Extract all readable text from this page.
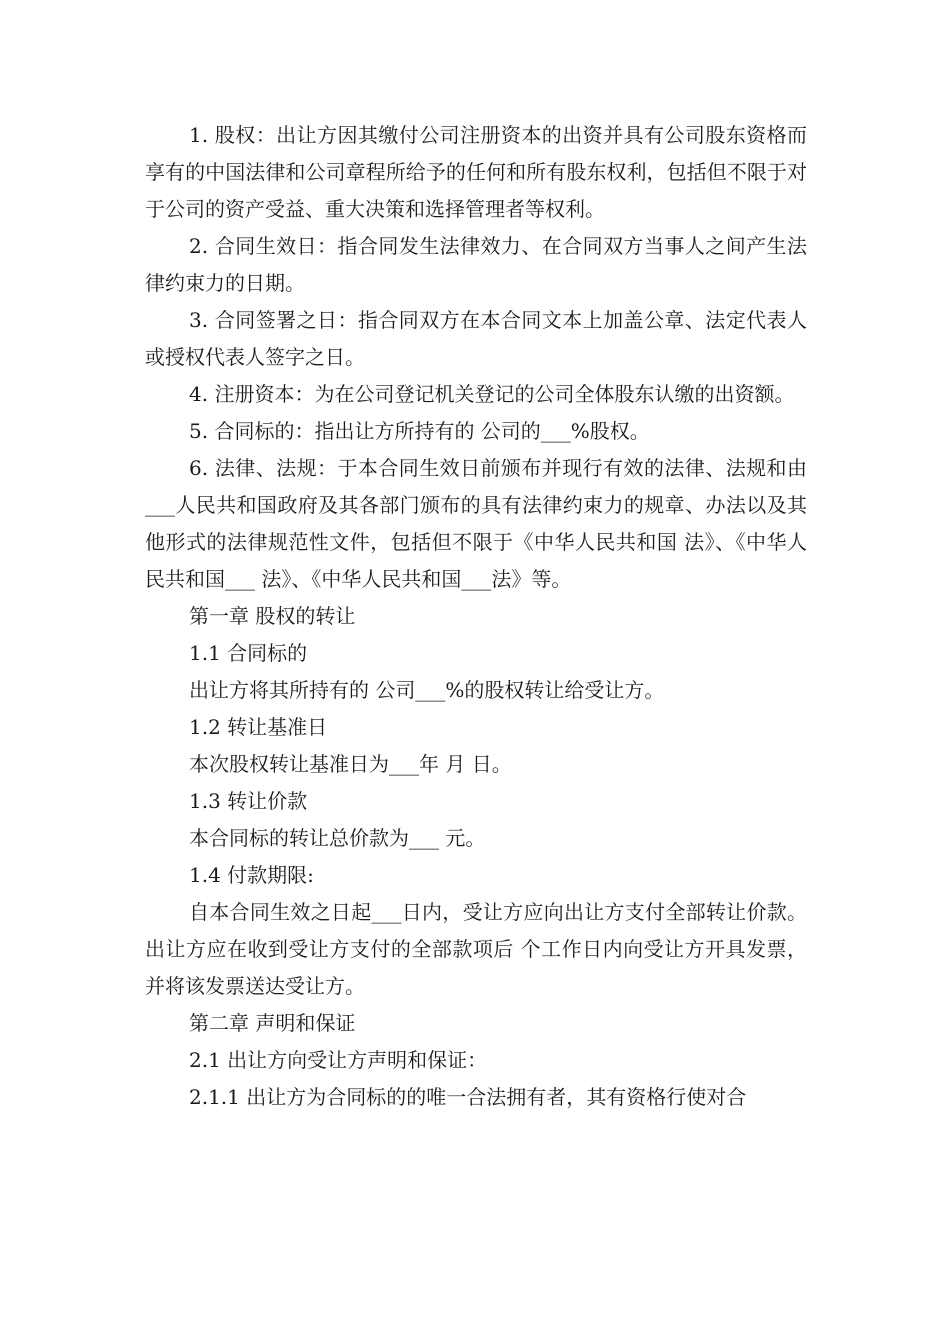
1. 股权：出让方因其缴付公司注册资本的出资并具有公司股东资格而享有的中国法律和公司章程所给予的任何和所有股东权利，包括但不限于对于公司的资产受益、重大决策和选择管理者等权利。

2. 合同生效日：指合同发生法律效力、在合同双方当事人之间产生法律约束力的日期。

3. 合同签署之日：指合同双方在本合同文本上加盖公章、法定代表人或授权代表人签字之日。

4. 注册资本：为在公司登记机关登记的公司全体股东认缴的出资额。

5. 合同标的：指出让方所持有的 公司的___%股权。

6. 法律、法规：于本合同生效日前颁布并现行有效的法律、法规和由___人民共和国政府及其各部门颁布的具有法律约束力的规章、办法以及其他形式的法律规范性文件，包括但不限于《中华人民共和国 法》、《中华人民共和国___ 法》、《中华人民共和国___法》等。

第一章 股权的转让

1.1 合同标的

出让方将其所持有的 公司___%的股权转让给受让方。

1.2 转让基准日

本次股权转让基准日为___年 月 日。

1.3 转让价款

本合同标的转让总价款为___ 元。

1.4 付款期限:

自本合同生效之日起___日内，受让方应向出让方支付全部转让价款。出让方应在收到受让方支付的全部款项后 个工作日内向受让方开具发票，并将该发票送达受让方。

第二章 声明和保证

2.1 出让方向受让方声明和保证：

2.1.1 出让方为合同标的的唯一合法拥有者，其有资格行使对合
